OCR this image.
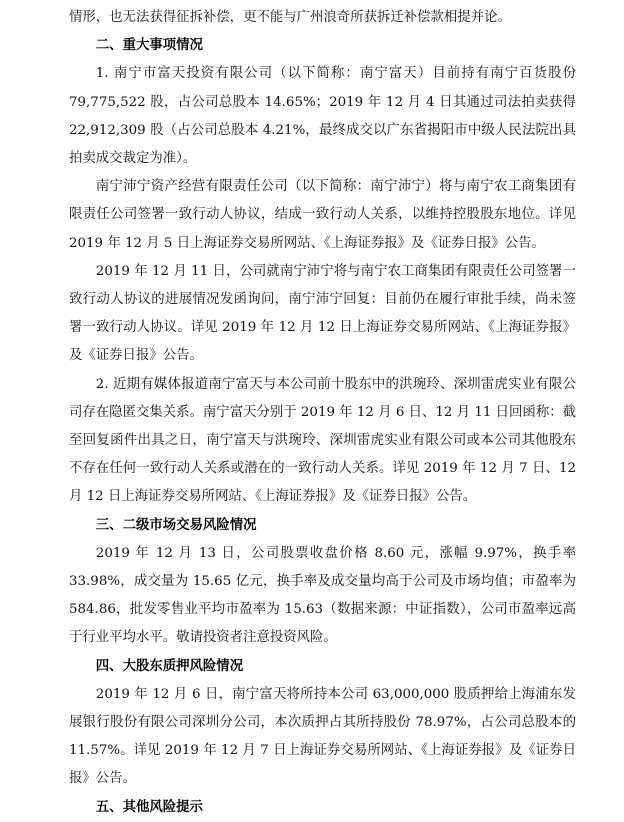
情形，也无法获得征拆补偿，更不能与广州浪奇所获拆迁补偿款相提并论。

二、重大事项情况

1. 南宁市富天投资有限公司（以下简称：南宁富天）目前持有南宁百货股份 79,775,522 股，占公司总股本 14.65%；2019 年 12 月 4 日其通过司法拍卖获得 22,912,309 股（占公司总股本 4.21%，最终成交以广东省揭阳市中级人民法院出具拍卖成交裁定为准）。

南宁沛宁资产经营有限责任公司（以下简称：南宁沛宁）将与南宁农工商集团有限责任公司签署一致行动人协议，结成一致行动人关系，以维持控股股东地位。详见 2019 年 12 月 5 日上海证券交易所网站、《上海证券报》及《证券日报》公告。

2019 年 12 月 11 日，公司就南宁沛宁将与南宁农工商集团有限责任公司签署一致行动人协议的进展情况发函询问，南宁沛宁回复：目前仍在履行审批手续，尚未签署一致行动人协议。详见 2019 年 12 月 12 日上海证券交易所网站、《上海证券报》及《证券日报》公告。

2. 近期有媒体报道南宁富天与本公司前十股东中的洪琬玲、深圳雷虎实业有限公司存在隐匿交集关系。南宁富天分别于 2019 年 12 月 6 日、12 月 11 日回函称：截至回复函件出具之日，南宁富天与洪琬玲、深圳雷虎实业有限公司或本公司其他股东不存在任何一致行动人关系或潜在的一致行动人关系。详见 2019 年 12 月 7 日、12 月 12 日上海证券交易所网站、《上海证券报》及《证券日报》公告。

三、二级市场交易风险情况

2019 年 12 月 13 日，公司股票收盘价格 8.60 元，涨幅 9.97%，换手率 33.98%，成交量为 15.65 亿元，换手率及成交量均高于公司及市场均值；市盈率为 584.86，批发零售业平均市盈率为 15.63（数据来源：中证指数），公司市盈率远高于行业平均水平。敬请投资者注意投资风险。

四、大股东质押风险情况

2019 年 12 月 6 日，南宁富天将所持本公司 63,000,000 股质押给上海浦东发展银行股份有限公司深圳分公司，本次质押占其所持股份 78.97%，占公司总股本的 11.57%。详见 2019 年 12 月 7 日上海证券交易所网站、《上海证券报》及《证券日报》公告。

五、其他风险提示
